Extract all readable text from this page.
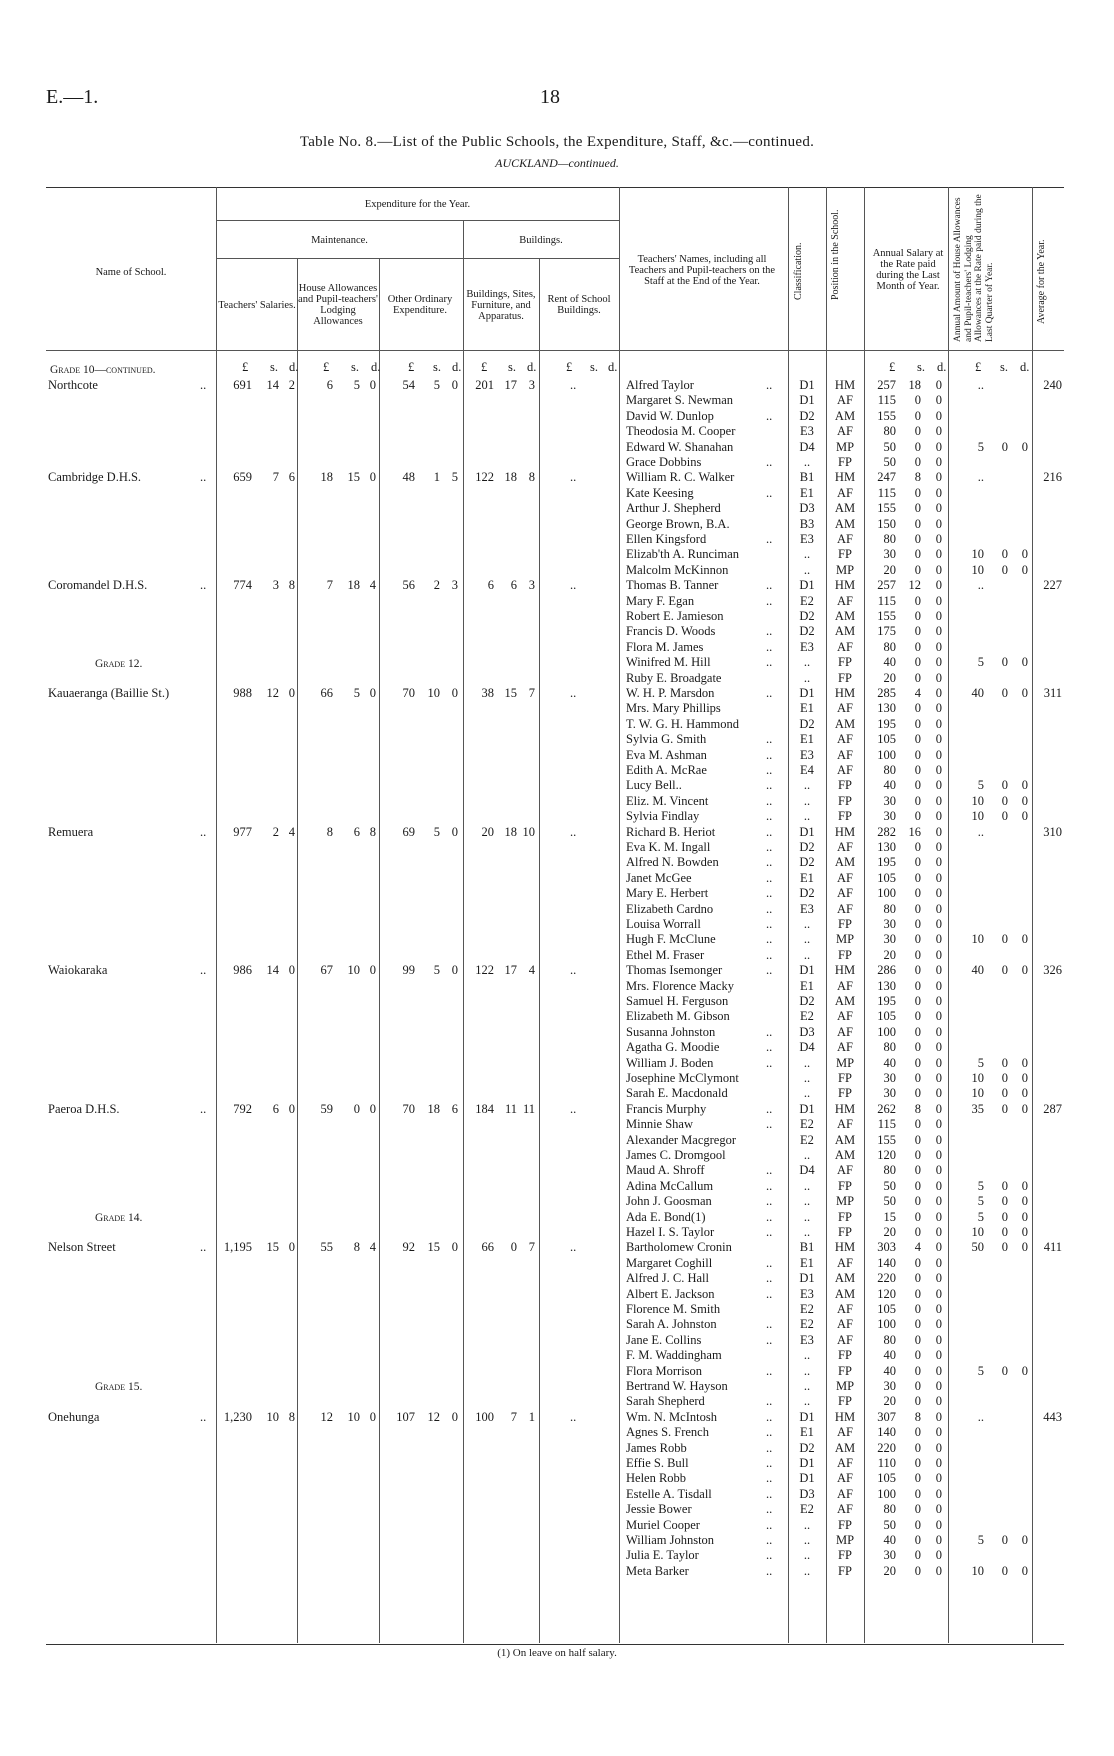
E.—1.	18
Table No. 8.—List of the Public Schools, the Expenditure, Staff, &c.—continued.
AUCKLAND—continued.
Name of School.
Expenditure for the Year.
Maintenance.	Buildings.
Teachers' Salaries.
House Allowances and Pupil-teachers' Lodging Allowances
Other Ordinary Expenditure.
Buildings, Sites, Furniture, and Apparatus.
Rent of School Buildings.
Teachers' Names, including all Teachers and Pupil-teachers on the Staff at the End of the Year.	Classification.	Position in the School.	Annual Salary at the Rate paid during the Last Month of Year.	Annual Amount of House Allowances and Pupil-teachers' Lodging Allowances at the Rate paid during the Last Quarter of Year.	Average for the Year.
£ s. d. £ s. d. £ s. d. £ s. d. £ s. d.	£ s. d. £ s. d.
Grade 10—continued.
Northcote	..	691	14 2	6	5 0	54	5 0	201 17 3	..	Alfred Taylor	..	D1	HM	257	18	0	..	240
Margaret S. Newman	D1	AF	115	0	0
David W. Dunlop	..	D2	AM	155	0	0
Theodosia M. Cooper	E3	AF	80	0	0
Edward W. Shanahan	D4	MP	50	0	0	5	0	0
Grace Dobbins	..	..	FP	50	0	0
Cambridge D.H.S.	..	659	7 6	18	15 0	48	1 5	122 18 8	..	William R. C. Walker	B1	HM	247	8	0	..	216
Kate Keesing	..	E1	AF	115	0	0
Arthur J. Shepherd	D3	AM	155	0	0
George Brown, B.A.	B3	AM	150	0	0
Ellen Kingsford	..	E3	AF	80	0	0
Elizab'th A. Runciman	..	FP	30	0	0	10	0	0
Malcolm McKinnon	..	MP	20	0	0	10	0	0
Coromandel D.H.S.	..	774	3 8	7	18 4	56	2 3	6	6 3	..	Thomas B. Tanner	..	D1	HM	257	12	0	..	227
Mary F. Egan	..	E2	AF	115	0	0
Robert E. Jamieson	D2	AM	155	0	0
Francis D. Woods	..	D2	AM	175	0	0
Flora M. James	..	E3	AF	80	0	0
Winifred M. Hill	..	..	FP	40	0	0	5	0	0
Grade 12.
Ruby E. Broadgate	..	FP	20	0	0
Kauaeranga (Baillie St.)	988	12 0	66	5 0	70	10 0	38 15 7	..	W. H. P. Marsdon	..	D1	HM	285	4	0	40	0	0	311
Mrs. Mary Phillips	E1	AF	130	0	0
T. W. G. H. Hammond	D2	AM	195	0	0
Sylvia G. Smith	..	E1	AF	105	0	0
Eva M. Ashman	..	E3	AF	100	0	0
Edith A. McRae	..	E4	AF	80	0	0
Lucy Bell..	..	..	FP	40	0	0	5	0	0
Eliz. M. Vincent	..	..	FP	30	0	0	10	0	0
Sylvia Findlay	..	..	FP	30	0	0	10	0	0
Remuera	..	977	2 4	8	6 8	69	5 0	20 18 10	..	Richard B. Heriot	..	D1	HM	282	16	0	..	310
Eva K. M. Ingall	..	D2	AF	130	0	0
Alfred N. Bowden	..	D2	AM	195	0	0
Janet McGee	..	E1	AF	105	0	0
Mary E. Herbert	..	D2	AF	100	0	0
Elizabeth Cardno	..	E3	AF	80	0	0
Louisa Worrall	..	..	FP	30	0	0
Hugh F. McClune	..	..	MP	30	0	0	10	0	0
Ethel M. Fraser	..	..	FP	20	0	0
Waiokaraka	..	986	14 0	67	10 0	99	5 0	122 17 4	..	Thomas Isemonger	..	D1	HM	286	0	0	40	0	0	326
Mrs. Florence Macky	E1	AF	130	0	0
Samuel H. Ferguson	D2	AM	195	0	0
Elizabeth M. Gibson	E2	AF	105	0	0
Susanna Johnston	..	D3	AF	100	0	0
Agatha G. Moodie	..	D4	AF	80	0	0
William J. Boden	..	..	MP	40	0	0	5	0	0
Josephine McClymont	..	FP	30	0	0	10	0	0
Sarah E. Macdonald	..	FP	30	0	0	10	0	0
Paeroa D.H.S.	..	792	6 0	59	0 0	70	18 6	184 11 11	..	Francis Murphy	..	D1	HM	262	8	0	35	0	0	287
Minnie Shaw	..	E2	AF	115	0	0
Alexander Macgregor	E2	AM	155	0	0
James C. Dromgool	..	AM	120	0	0
Maud A. Shroff	..	D4	AF	80	0	0
Adina McCallum	..	..	FP	50	0	0	5	0	0
John J. Goosman	..	..	MP	50	0	0	5	0	0
Ada E. Bond(1)	..	..	FP	15	0	0	5	0	0
Grade 14.
Hazel I. S. Taylor	..	..	FP	20	0	0	10	0	0
Nelson Street	..	1,195	15 0	55	8 4	92	15 0	66	0 7	..	Bartholomew Cronin	B1	HM	303	4	0	50	0	0	411
Margaret Coghill	..	E1	AF	140	0	0
Alfred J. C. Hall	..	D1	AM	220	0	0
Albert E. Jackson	..	E3	AM	120	0	0
Florence M. Smith	E2	AF	105	0	0
Sarah A. Johnston	..	E2	AF	100	0	0
Jane E. Collins	..	E3	AF	80	0	0
F. M. Waddingham	..	FP	40	0	0
Flora Morrison	..	..	FP	40	0	0	5	0	0
Bertrand W. Hayson	..	MP	30	0	0
Grade 15.
Sarah Shepherd	..	..	FP	20	0	0
Onehunga	..	1,230	10 8	12	10 0	107	12 0	100	7 1	..	Wm. N. McIntosh	..	D1	HM	307	8	0	..	443
Agnes S. French	..	E1	AF	140	0	0
James Robb	..	D2	AM	220	0	0
Effie S. Bull	..	D1	AF	110	0	0
Helen Robb	..	D1	AF	105	0	0
Estelle A. Tisdall	..	D3	AF	100	0	0
Jessie Bower	..	E2	AF	80	0	0
Muriel Cooper	..	..	FP	50	0	0
William Johnston	..	..	MP	40	0	0	5	0	0
Julia E. Taylor	..	..	FP	30	0	0
Meta Barker	..	..	FP	20	0	0	10	0	0
(1) On leave on half salary.
